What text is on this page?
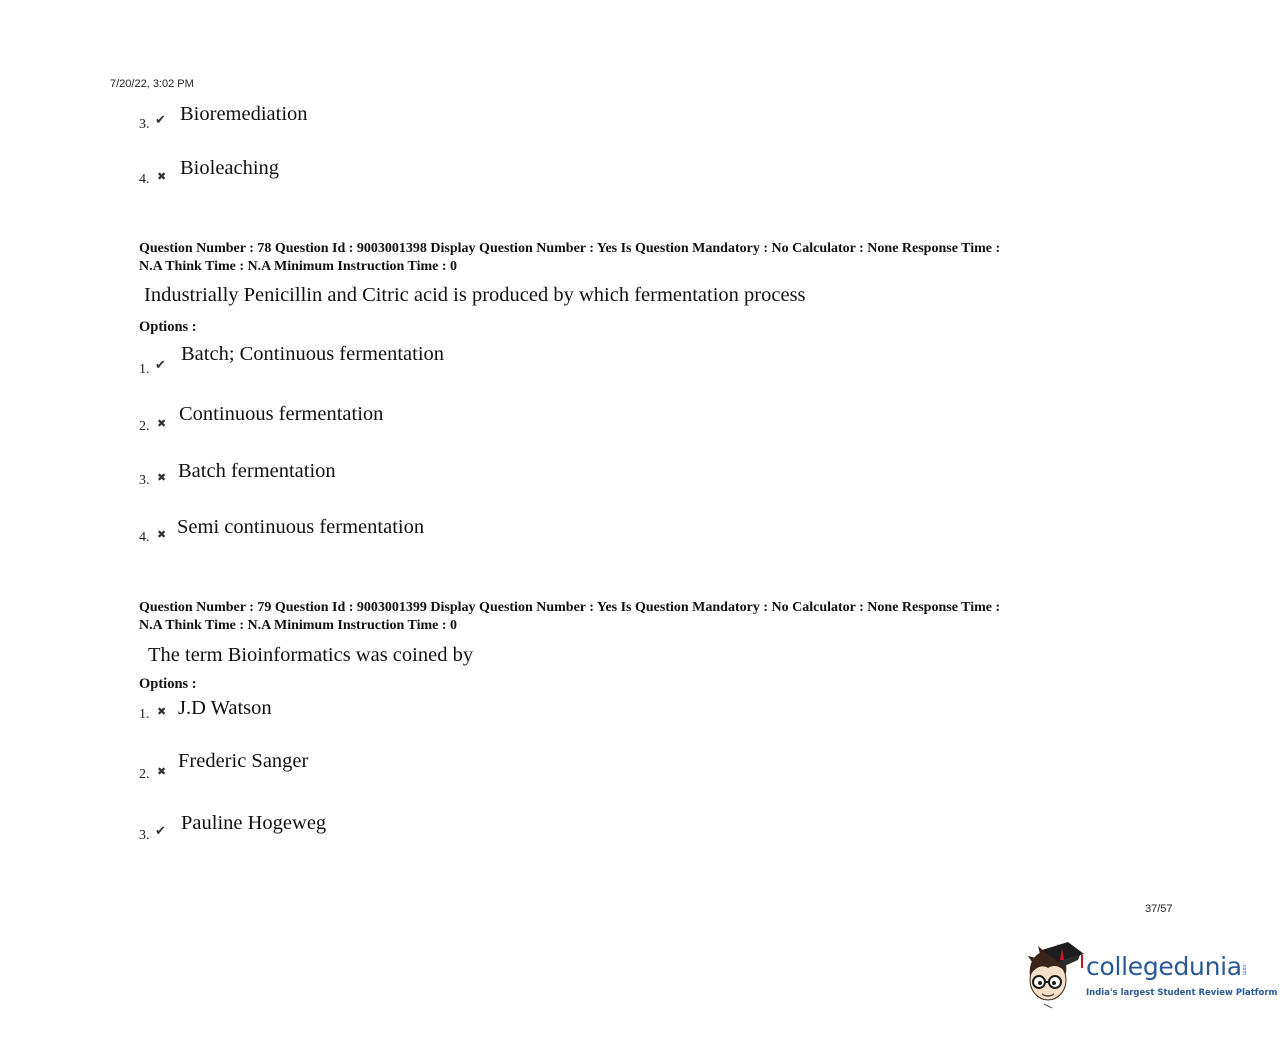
7/20/22, 3:02 PM
3. ✔ Bioremediation
4. ✖ Bioleaching
Question Number : 78 Question Id : 9003001398 Display Question Number : Yes Is Question Mandatory : No Calculator : None Response Time :
N.A Think Time : N.A Minimum Instruction Time : 0
Industrially Penicillin and Citric acid is produced by which fermentation process
Options :
1. ✔
Batch; Continuous fermentation
2. ✖ Continuous fermentation
3. ✖ Batch fermentation
4. ✖ Semi continuous fermentation
Question Number : 79 Question Id : 9003001399 Display Question Number : Yes Is Question Mandatory : No Calculator : None Response Time :
N.A Think Time : N.A Minimum Instruction Time : 0
The term Bioinformatics was coined by
Options :
1. ✖ J.D Watson
2. ✖ Frederic Sanger
3. ✔ Pauline Hogeweg
37/57
collegedunia .com
India's largest Student Review Platform
